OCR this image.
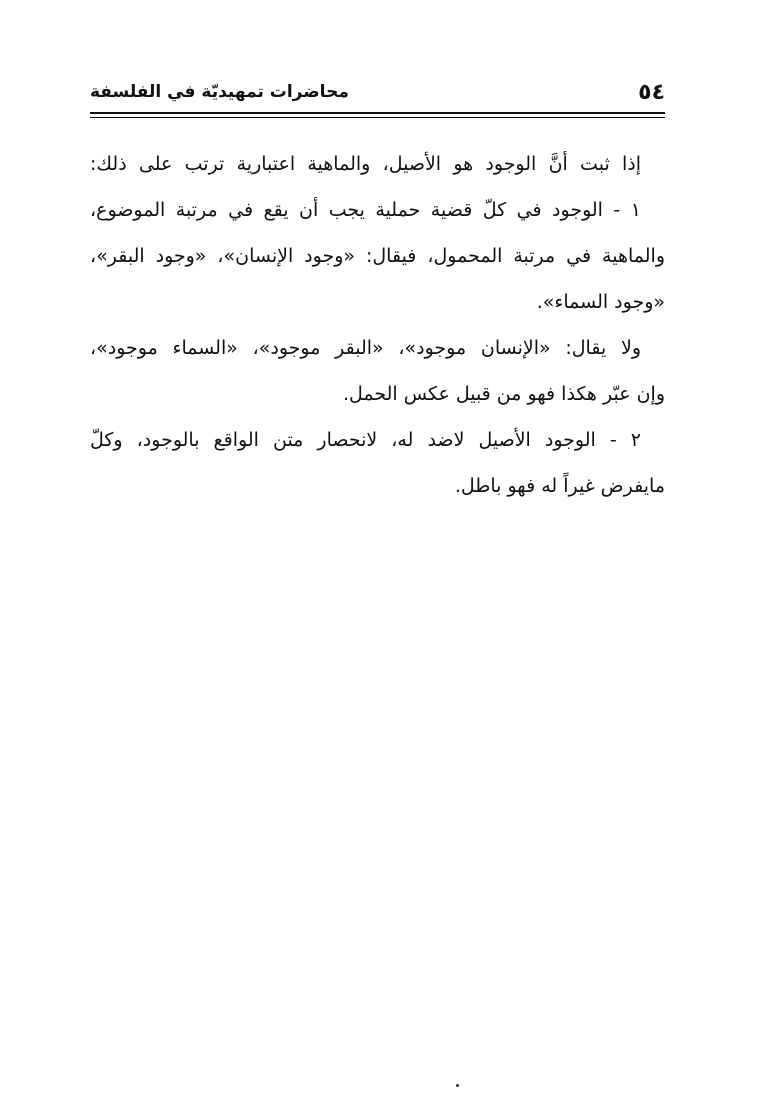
٥٤
محاضرات تمهيديّة في الفلسفة
إذا ثبت أنَّ الوجود هو الأصيل، والماهية اعتبارية ترتب على ذلك:
١ - الوجود في كلّ قضية حملية يجب أن يقع في مرتبة الموضوع،
والماهية في مرتبة المحمول، فيقال: «وجود الإنسان»، «وجود البقر»،
«وجود السماء».
ولا يقال: «الإنسان موجود»، «البقر موجود»، «السماء موجود»،
وإن عبّر هكذا فهو من قبيل عكس الحمل.
٢ - الوجود الأصيل لاضد له، لانحصار متن الواقع بالوجود، وكلّ
مايفرض غيراً له فهو باطل.
